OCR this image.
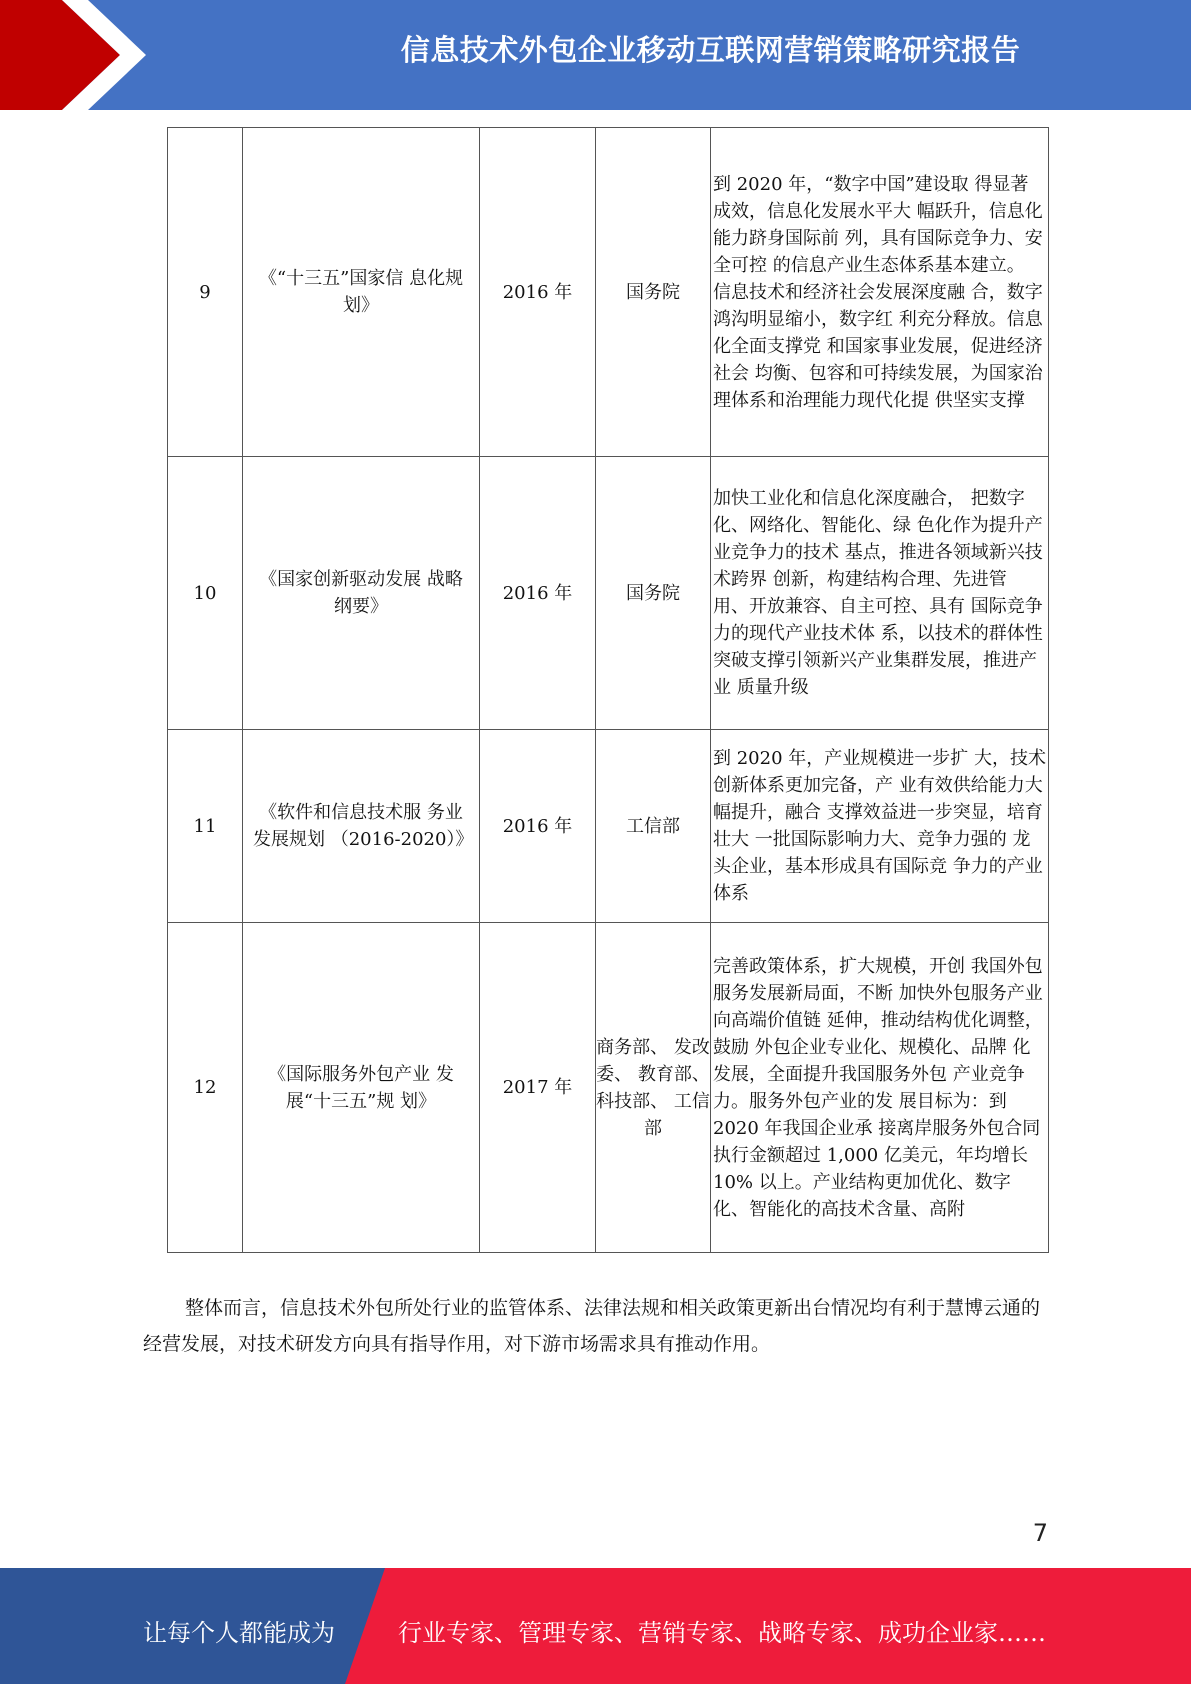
信息技术外包企业移动互联网营销策略研究报告
9	《“十三五”国家信 息化规划》	2016 年	国务院	到 2020 年，“数字中国”建设取 得显著成效，信息化发展水平大 幅跃升，信息化能力跻身国际前 列，具有国际竞争力、安全可控 的信息产业生态体系基本建立。 信息技术和经济社会发展深度融 合，数字鸿沟明显缩小，数字红 利充分释放。信息化全面支撑党 和国家事业发展，促进经济社会 均衡、包容和可持续发展，为国家治理体系和治理能力现代化提 供坚实支撑
10	《国家创新驱动发展 战略纲要》	2016 年	国务院	加快工业化和信息化深度融合， 把数字化、网络化、智能化、绿 色化作为提升产业竞争力的技术 基点，推进各领域新兴技术跨界 创新，构建结构合理、先进管 用、开放兼容、自主可控、具有 国际竞争力的现代产业技术体 系，以技术的群体性突破支撑引领新兴产业集群发展，推进产业 质量升级
11	《软件和信息技术服 务业发展规划 （2016-2020）》	2016 年	工信部	到 2020 年，产业规模进一步扩 大，技术创新体系更加完备，产 业有效供给能力大幅提升，融合 支撑效益进一步突显，培育壮大 一批国际影响力大、竞争力强的 龙头企业，基本形成具有国际竞 争力的产业体系
12	《国际服务外包产业 发展“十三五”规 划》	2017 年	商务部、 发改委、 教育部、 科技部、 工信部	完善政策体系，扩大规模，开创 我国外包服务发展新局面，不断 加快外包服务产业向高端价值链 延伸，推动结构优化调整，鼓励 外包企业专业化、规模化、品牌 化发展，全面提升我国服务外包 产业竞争力。服务外包产业的发 展目标为：到 2020 年我国企业承 接离岸服务外包合同执行金额超过 1,000 亿美元，年均增长 10% 以上。产业结构更加优化、数字 化、智能化的高技术含量、高附

整体而言，信息技术外包所处行业的监管体系、法律法规和相关政策更新出台情况均有利于慧博云通的经营发展，对技术研发方向具有指导作用，对下游市场需求具有推动作用。

7
让每个人都能成为	行业专家、管理专家、营销专家、战略专家、成功企业家……
